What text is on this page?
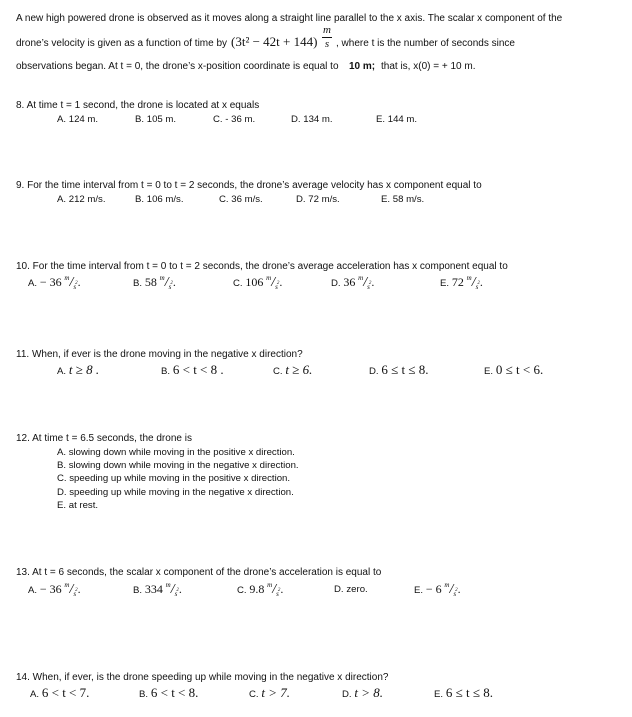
A new high powered drone is observed as it moves along a straight line parallel to the x axis. The scalar x component of the
drone’s velocity is given as a function of time by $(3t^2 - 42t + 144) \frac{m}{s}$ , where t is the number of seconds since
observations began. At t = 0, the drone’s x-position coordinate is equal to 10 m; that is, x(0) = + 10 m.
8. At time t = 1 second, the drone is located at x equals
A. 124 m.	B. 105 m.	C. - 36 m.	D. 134 m.	E. 144 m.
9. For the time interval from t = 0 to t = 2 seconds, the drone’s average velocity has x component equal to
A. 212 m/s.	B. 106 m/s.	C. 36 m/s.	D. 72 m/s.	E. 58 m/s.
10. For the time interval from t = 0 to t = 2 seconds, the drone’s average acceleration has x component equal to
A. − 36 $^m/_{s2}$.	B. 58 $^m/_{s2}$.	C. 106 $^m/_{s2}$.	D. 36 $^m/_{s2}$.	E. 72 $^m/_{s2}$.
11. When, if ever is the drone moving in the negative x direction?
A. t ≥ 8 .	B. 6 < t < 8 .	C. t ≥ 6.	D. 6 ≤ t ≤ 8.	E. 0 ≤ t < 6.
12. At time t = 6.5 seconds, the drone is
A. slowing down while moving in the positive x direction.
B. slowing down while moving in the negative x direction.
C. speeding up while moving in the positive x direction.
D. speeding up while moving in the negative x direction.
E. at rest.
13. At t = 6 seconds, the scalar x component of the drone’s acceleration is equal to
A. − 36 $^m/_{s2}$.	B. 334 $^m/_{s2}$.	C. 9.8 $^m/_{s2}$.	D. zero.	E. − 6 $^m/_{s2}$.
14. When, if ever, is the drone speeding up while moving in the negative x direction?
A. 6 < t < 7.	B. 6 < t < 8.	C. t > 7.	D. t > 8.	E. 6 ≤ t ≤ 8.
